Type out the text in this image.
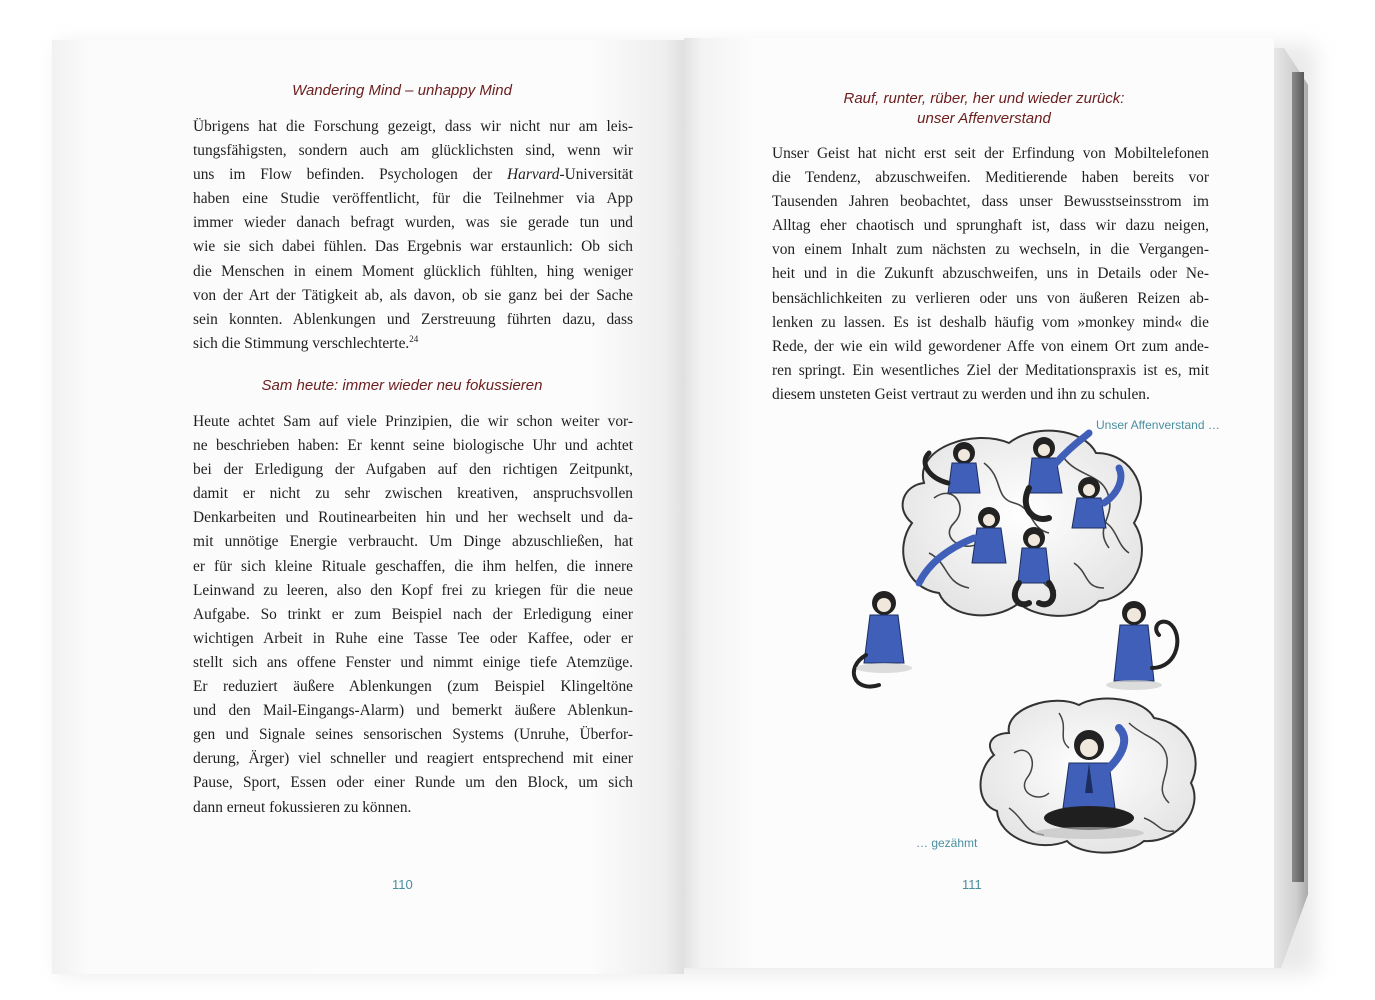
Wandering Mind – unhappy Mind
Übrigens hat die Forschung gezeigt, dass wir nicht nur am leis-
tungsfähigsten, sondern auch am glücklichsten sind, wenn wir
uns im Flow befinden. Psychologen der Harvard-Universität
haben eine Studie veröffentlicht, für die Teilnehmer via App
immer wieder danach befragt wurden, was sie gerade tun und
wie sie sich dabei fühlen. Das Ergebnis war erstaunlich: Ob sich
die Menschen in einem Moment glücklich fühlten, hing weniger
von der Art der Tätigkeit ab, als davon, ob sie ganz bei der Sache
sein konnten. Ablenkungen und Zerstreuung führten dazu, dass
sich die Stimmung verschlechterte.$^{24}$
Sam heute: immer wieder neu fokussieren
Heute achtet Sam auf viele Prinzipien, die wir schon weiter vor-
ne beschrieben haben: Er kennt seine biologische Uhr und achtet
bei der Erledigung der Aufgaben auf den richtigen Zeitpunkt,
damit er nicht zu sehr zwischen kreativen, anspruchsvollen
Denkarbeiten und Routinearbeiten hin und her wechselt und da-
mit unnötige Energie verbraucht. Um Dinge abzuschließen, hat
er für sich kleine Rituale geschaffen, die ihm helfen, die innere
Leinwand zu leeren, also den Kopf frei zu kriegen für die neue
Aufgabe. So trinkt er zum Beispiel nach der Erledigung einer
wichtigen Arbeit in Ruhe eine Tasse Tee oder Kaffee, oder er
stellt sich ans offene Fenster und nimmt einige tiefe Atemzüge.
Er reduziert äußere Ablenkungen (zum Beispiel Klingeltöne
und den Mail-Eingangs-Alarm) und bemerkt äußere Ablenkun-
gen und Signale seines sensorischen Systems (Unruhe, Überfor-
derung, Ärger) viel schneller und reagiert entsprechend mit einer
Pause, Sport, Essen oder einer Runde um den Block, um sich
dann erneut fokussieren zu können.
110
Rauf, runter, rüber, her und wieder zurück:
unser Affenverstand
Unser Geist hat nicht erst seit der Erfindung von Mobiltelefonen
die Tendenz, abzuschweifen. Meditierende haben bereits vor
Tausenden Jahren beobachtet, dass unser Bewusstseinsstrom im
Alltag eher chaotisch und sprunghaft ist, dass wir dazu neigen,
von einem Inhalt zum nächsten zu wechseln, in die Vergangen-
heit und in die Zukunft abzuschweifen, uns in Details oder Ne-
bensächlichkeiten zu verlieren oder uns von äußeren Reizen ab-
lenken zu lassen. Es ist deshalb häufig vom »monkey mind« die
Rede, der wie ein wild gewordener Affe von einem Ort zum ande-
ren springt. Ein wesentliches Ziel der Meditationspraxis ist es, mit
diesem unsteten Geist vertraut zu werden und ihn zu schulen.
Unser Affenverstand …
… gezähmt
111
